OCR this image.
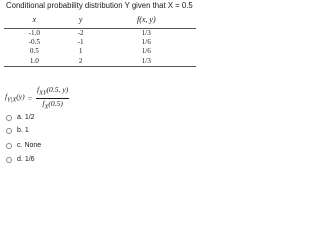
Conditional probability distribution Y given that X = 0.5
x	y	f(x, y)
-1.0	-2	1/3
-0.5	-1	1/6
0.5	1	1/6
1.0	2	1/3
$f_{Y|X}(y) = \frac{f_{XY}(0.5, y)}{f_X(0.5)}$
a. 1/2
b. 1
c. None
d. 1/6
